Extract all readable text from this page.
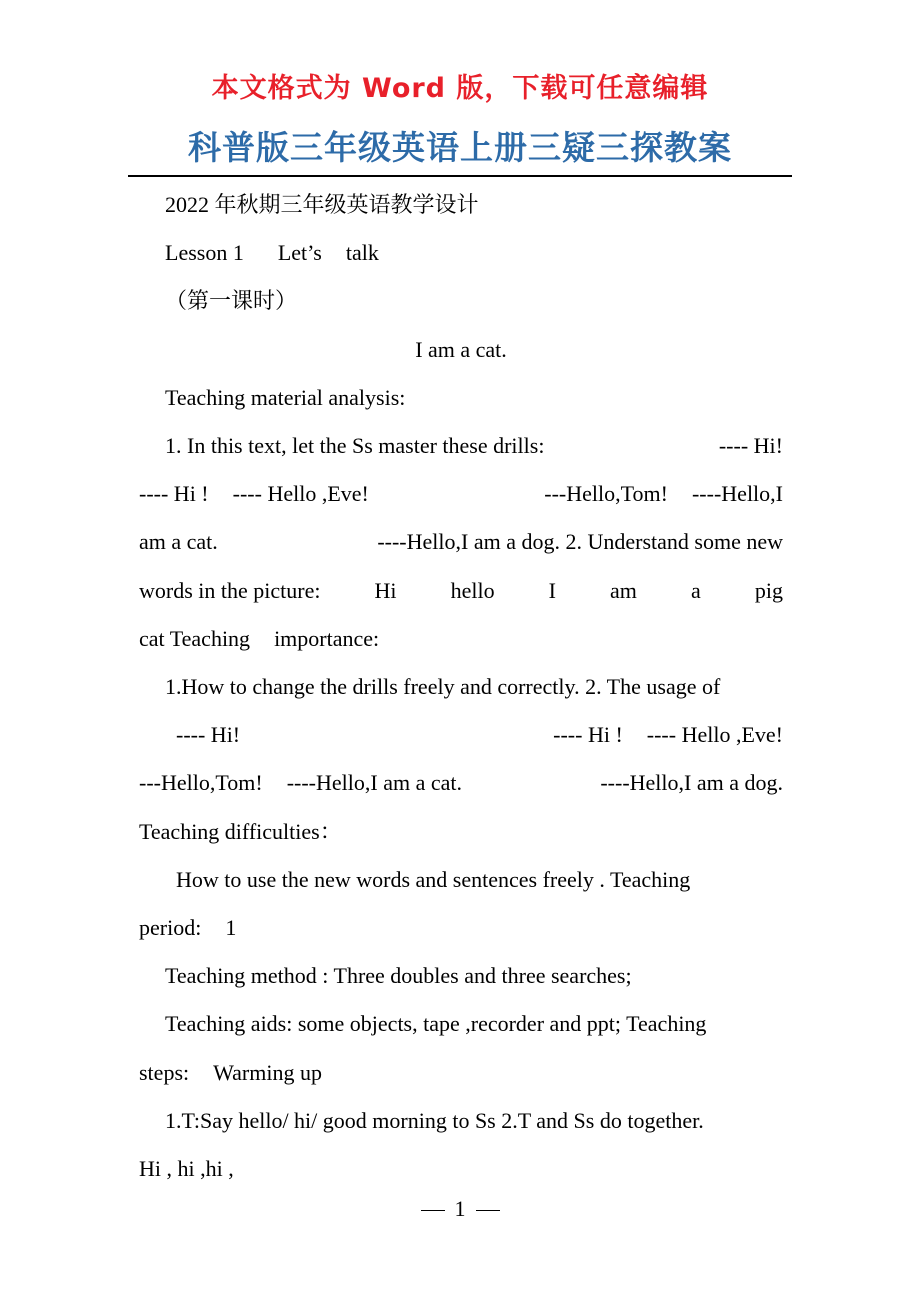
本文格式为 Word 版，下载可任意编辑
科普版三年级英语上册三疑三探教案

2022 年秋期三年级英语教学设计

Lesson 1 Let’s talk

（第一课时）

I am a cat.

Teaching material analysis:

1. In this text, let the Ss master these drills:	---- Hi!

---- Hi ! ---- Hello ,Eve!	---Hello,Tom! ----Hello,I

am a cat.	----Hello,I am a dog. 2. Understand some new

words in the picture: Hi hello I am a pig

cat Teaching importance:

1.How to change the drills freely and correctly. 2. The usage of

---- Hi!	---- Hi ! ---- Hello ,Eve!

---Hello,Tom! ----Hello,I am a cat.	----Hello,I am a dog.

Teaching difficulties：

How to use the new words and sentences freely . Teaching

period: 1

Teaching method : Three doubles and three searches;

Teaching aids: some objects, tape ,recorder and ppt; Teaching

steps: Warming up

1.T:Say hello/ hi/ good morning to Ss 2.T and Ss do together.

Hi , hi ,hi ,

1
